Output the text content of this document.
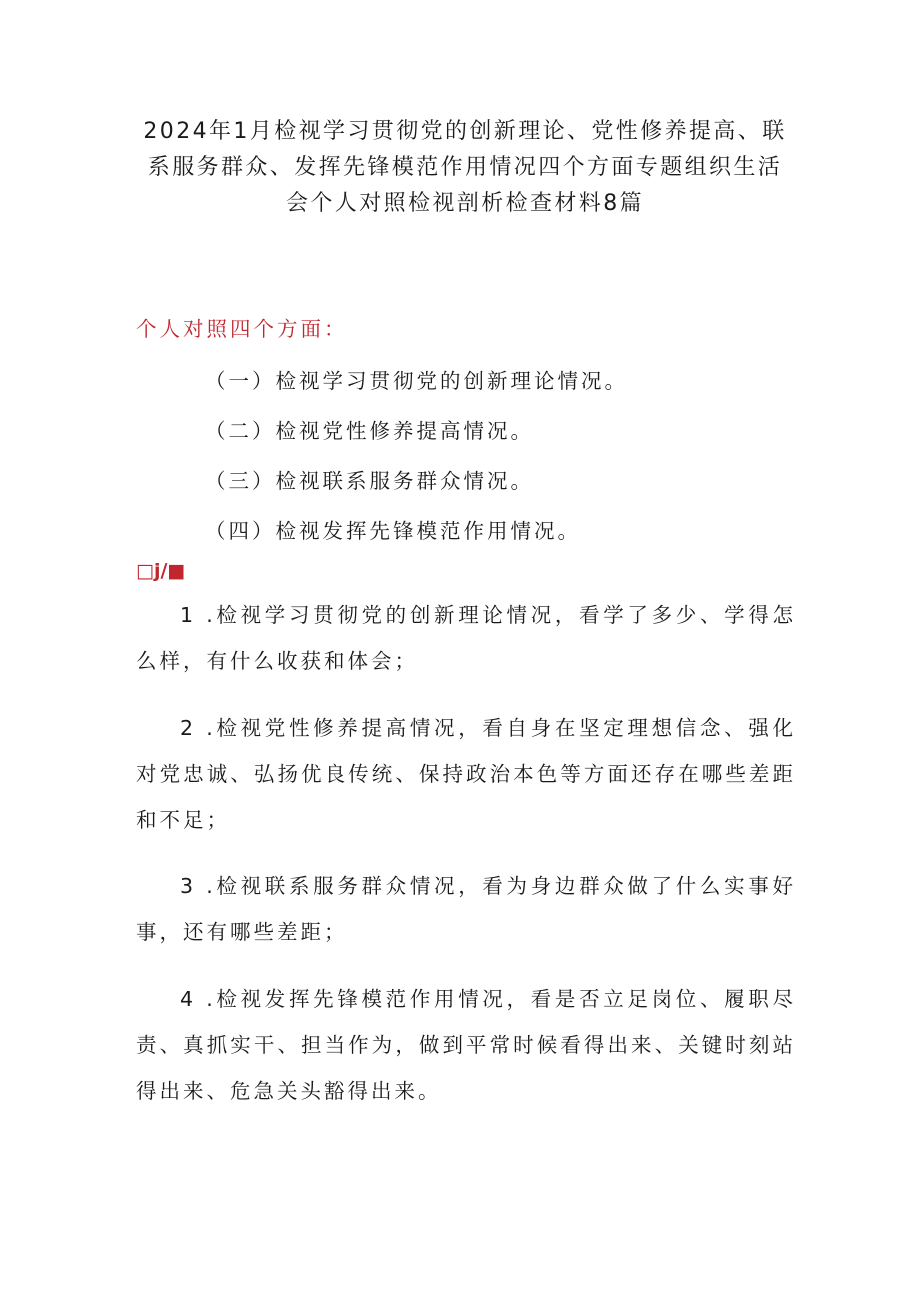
2024年1月检视学习贯彻党的创新理论、党性修养提高、联
系服务群众、发挥先锋模范作用情况四个方面专题组织生活
会个人对照检视剖析检查材料8篇
个人对照四个方面：
（一）检视学习贯彻党的创新理论情况。
（二）检视党性修养提高情况。
（三）检视联系服务群众情况。
（四）检视发挥先锋模范作用情况。
□j∕■

1 .检视学习贯彻党的创新理论情况，看学了多少、学得怎么样，有什么收获和体会；

2 .检视党性修养提高情况，看自身在坚定理想信念、强化对党忠诚、弘扬优良传统、保持政治本色等方面还存在哪些差距和不足；

3 .检视联系服务群众情况，看为身边群众做了什么实事好事，还有哪些差距；

4 .检视发挥先锋模范作用情况，看是否立足岗位、履职尽责、真抓实干、担当作为，做到平常时候看得出来、关键时刻站得出来、危急关头豁得出来。
